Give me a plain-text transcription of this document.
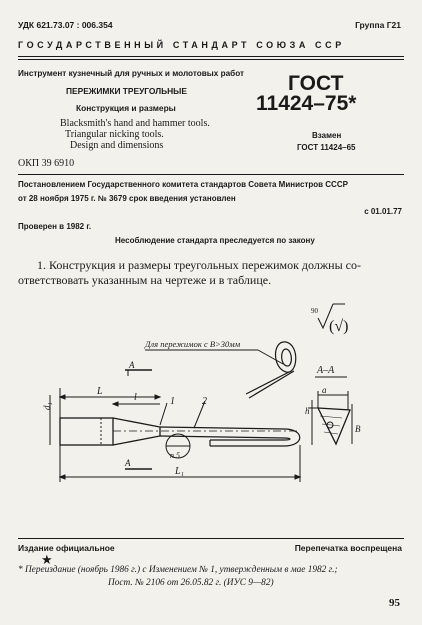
УДК 621.73.07 : 006.354	Группа Г21
ГОСУДАРСТВЕННЫЙ СТАНДАРТ СОЮЗА ССР
Инструмент кузнечный для ручных и молотовых работ
ПЕРЕЖИМКИ ТРЕУГОЛЬНЫЕ
Конструкция и размеры
Blacksmith's hand and hammer tools.
Triangular nicking tools.
Design and dimensions
ГОСТ
11424–75*
Взамен
ГОСТ 11424–65
ОКП 39 6910
Постановлением Государственного комитета стандартов Совета Министров СССР
от 28 ноября 1975 г. № 3679 срок введения установлен
с 01.01.77
Проверен в 1982 г.
Несоблюдение стандарта преследуется по закону
1. Конструкция и размеры треугольных пережимок должны со-
ответствовать указанным на чертеже и в таблице.
90
(√)
Для пережимок с B>30мм
А–А
A
A
L
l
d₁	1	2
n.5
L₁
a
h
B
Издание официальное	Перепечатка воспрещена
★
* Переиздание (ноябрь 1986 г.) с Изменением № 1, утвержденным в мае 1982 г.;
Пост. № 2106 от 26.05.82 г. (ИУС 9—82)
95
